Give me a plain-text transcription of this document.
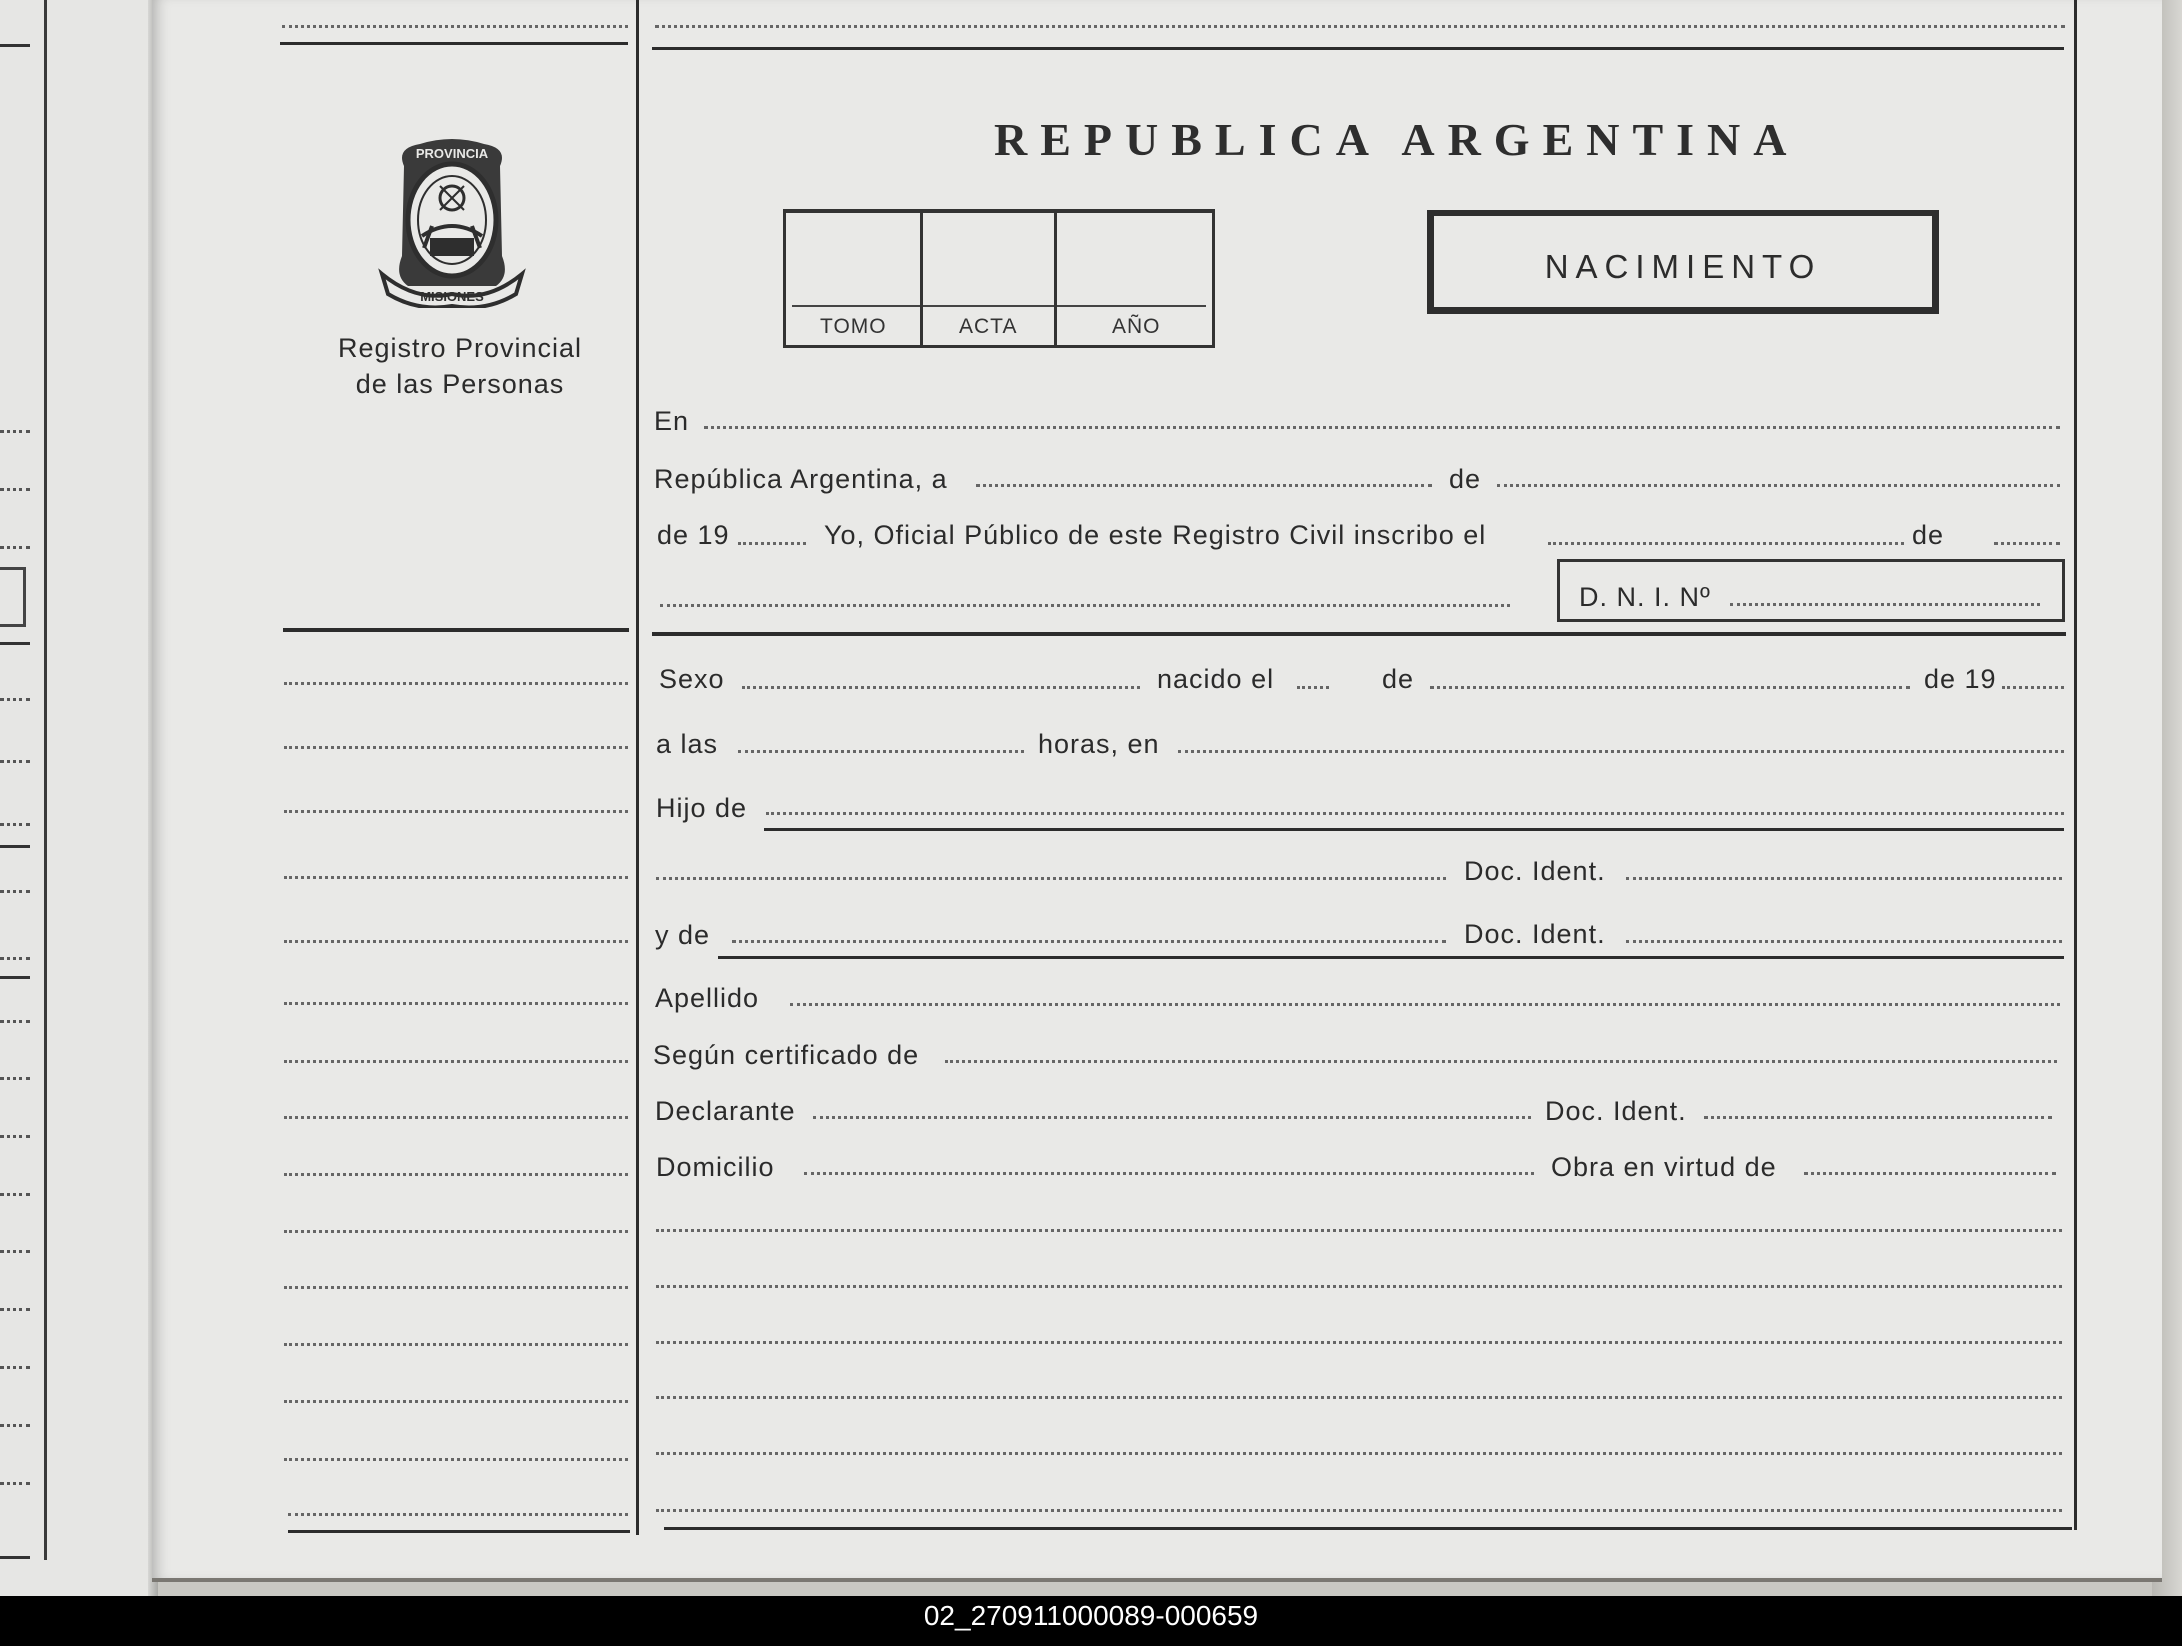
PROVINCIA
MISIONES
Registro Provincial
de las Personas
REPUBLICA ARGENTINA
TOMO	ACTA	AÑO
NACIMIENTO
En
República Argentina, a	de
de 19	Yo, Oficial Público de este Registro Civil inscribo el	de
D. N. I. Nº
Sexo	nacido el	de	de 19
a las	horas, en
Hijo de
Doc. Ident.
y de	Doc. Ident.
Apellido
Según certificado de
Declarante	Doc. Ident.
Domicilio	Obra en virtud de
02_270911000089-000659
